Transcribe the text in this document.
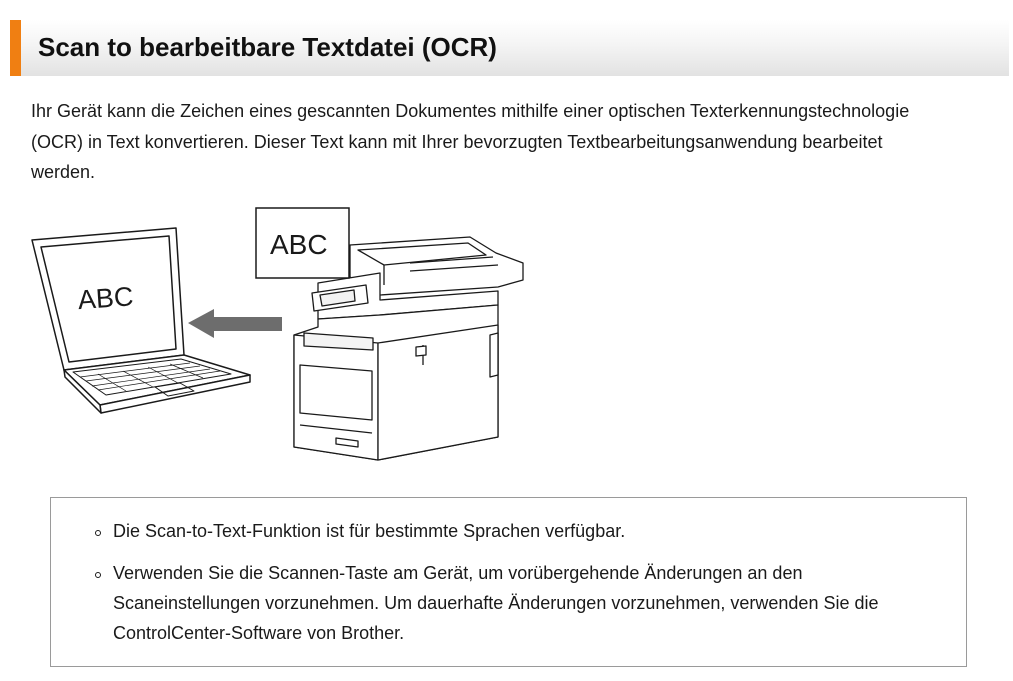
Scan to bearbeitbare Textdatei (OCR)

Ihr Gerät kann die Zeichen eines gescannten Dokumentes mithilfe einer optischen Texterkennungstechnologie (OCR) in Text konvertieren. Dieser Text kann mit Ihrer bevorzugten Textbearbeitungsanwendung bearbeitet werden.

ABC
ABC
Die Scan-to-Text-Funktion ist für bestimmte Sprachen verfügbar.
Verwenden Sie die Scannen-Taste am Gerät, um vorübergehende Änderungen an den Scaneinstellungen vorzunehmen. Um dauerhafte Änderungen vorzunehmen, verwenden Sie die ControlCenter-Software von Brother.
